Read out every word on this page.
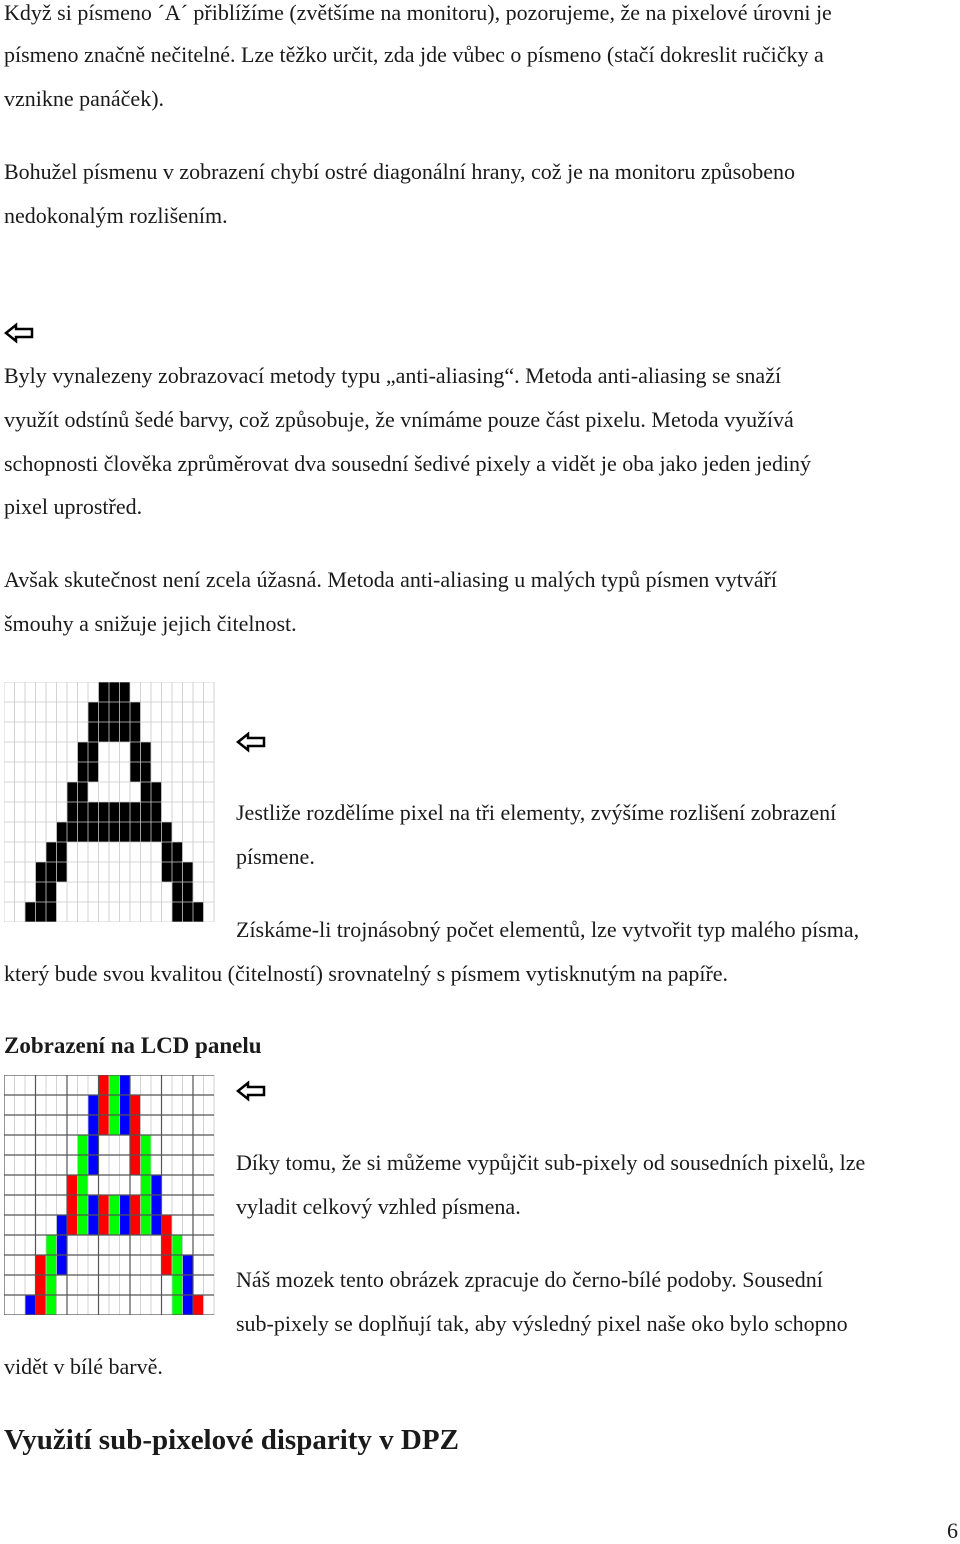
Když si písmeno ´A´ přiblížíme (zvětšíme na monitoru), pozorujeme, že na pixelové úrovni je

písmeno značně nečitelné. Lze těžko určit, zda jde vůbec o písmeno (stačí dokreslit ručičky a

vznikne panáček).

Bohužel písmenu v zobrazení chybí ostré diagonální hrany, což je na monitoru způsobeno

nedokonalým rozlišením.

Byly vynalezeny zobrazovací metody typu „anti-aliasing“. Metoda anti-aliasing se snaží

využít odstínů šedé barvy, což způsobuje, že vnímáme pouze část pixelu. Metoda využívá

schopnosti člověka zprůměrovat dva sousední šedivé pixely a vidět je oba jako jeden jediný

pixel uprostřed.

Avšak skutečnost není zcela úžasná. Metoda anti-aliasing u malých typů písmen vytváří

šmouhy a snižuje jejich čitelnost.

Jestliže rozdělíme pixel na tři elementy, zvýšíme rozlišení zobrazení

písmene.

Získáme-li trojnásobný počet elementů, lze vytvořit typ malého písma,

který bude svou kvalitou (čitelností) srovnatelný s písmem vytisknutým na papíře.

Zobrazení na LCD panelu

Díky tomu, že si můžeme vypůjčit sub-pixely od sousedních pixelů, lze

vyladit celkový vzhled písmena.

Náš mozek tento obrázek zpracuje do černo-bílé podoby. Sousední

sub-pixely se doplňují tak, aby výsledný pixel naše oko bylo schopno

vidět v bílé barvě.

Využití sub-pixelové disparity v DPZ

6
